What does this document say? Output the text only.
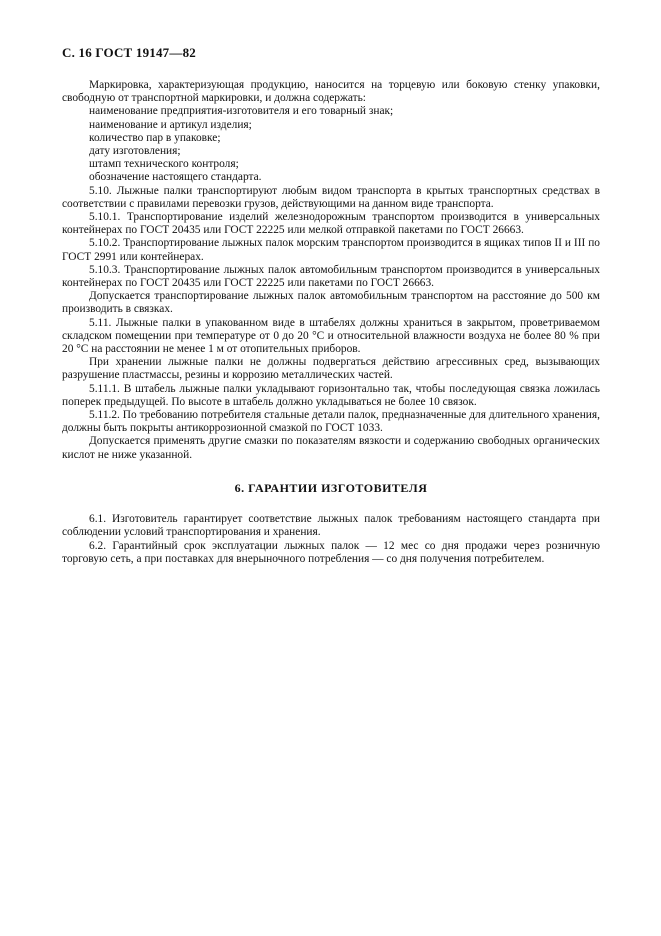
С. 16 ГОСТ 19147—82

Маркировка, характеризующая продукцию, наносится на торцевую или боковую стенку упаковки, свободную от транспортной маркировки, и должна содержать:

наименование предприятия-изготовителя и его товарный знак;

наименование и артикул изделия;

количество пар в упаковке;

дату изготовления;

штамп технического контроля;

обозначение настоящего стандарта.

5.10. Лыжные палки транспортируют любым видом транспорта в крытых транспортных средствах в соответствии с правилами перевозки грузов, действующими на данном виде транспорта.

5.10.1. Транспортирование изделий железнодорожным транспортом производится в универсальных контейнерах по ГОСТ 20435 или ГОСТ 22225 или мелкой отправкой пакетами по ГОСТ 26663.

5.10.2. Транспортирование лыжных палок морским транспортом производится в ящиках типов II и III по ГОСТ 2991 или контейнерах.

5.10.3. Транспортирование лыжных палок автомобильным транспортом производится в универсальных контейнерах по ГОСТ 20435 или ГОСТ 22225 или пакетами по ГОСТ 26663.

Допускается транспортирование лыжных палок автомобильным транспортом на расстояние до 500 км производить в связках.

5.11. Лыжные палки в упакованном виде в штабелях должны храниться в закрытом, проветриваемом складском помещении при температуре от 0 до 20 °С и относительной влажности воздуха не более 80 % при 20 °С на расстоянии не менее 1 м от отопительных приборов.

При хранении лыжные палки не должны подвергаться действию агрессивных сред, вызывающих разрушение пластмассы, резины и коррозию металлических частей.

5.11.1. В штабель лыжные палки укладывают горизонтально так, чтобы последующая связка ложилась поперек предыдущей. По высоте в штабель должно укладываться не более 10 связок.

5.11.2. По требованию потребителя стальные детали палок, предназначенные для длительного хранения, должны быть покрыты антикоррозионной смазкой по ГОСТ 1033.

Допускается применять другие смазки по показателям вязкости и содержанию свободных органических кислот не ниже указанной.

6. ГАРАНТИИ ИЗГОТОВИТЕЛЯ

6.1. Изготовитель гарантирует соответствие лыжных палок требованиям настоящего стандарта при соблюдении условий транспортирования и хранения.

6.2. Гарантийный срок эксплуатации лыжных палок — 12 мес со дня продажи через розничную торговую сеть, а при поставках для внерыночного потребления — со дня получения потребителем.
